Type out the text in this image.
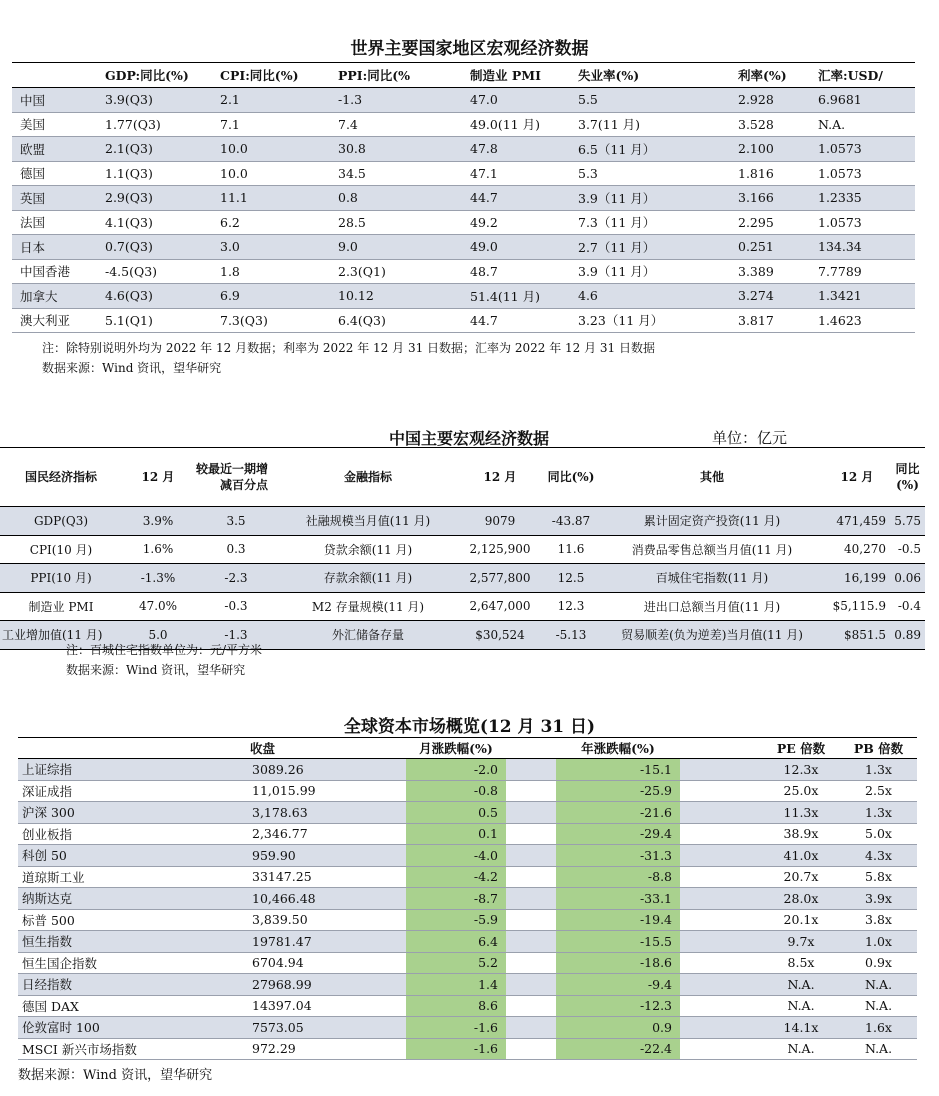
世界主要国家地区宏观经济数据
	GDP:同比(%)	CPI:同比(%)	PPI:同比(%	制造业 PMI	失业率(%)	利率(%)	汇率:USD/
中国	3.9(Q3)	2.1	-1.3	47.0	5.5	2.928	6.9681
美国	1.77(Q3)	7.1	7.4	49.0(11 月)	3.7(11 月)	3.528	N.A.
欧盟	2.1(Q3)	10.0	30.8	47.8	6.5（11 月）	2.100	1.0573
德国	1.1(Q3)	10.0	34.5	47.1	5.3	1.816	1.0573
英国	2.9(Q3)	11.1	0.8	44.7	3.9（11 月）	3.166	1.2335
法国	4.1(Q3)	6.2	28.5	49.2	7.3（11 月）	2.295	1.0573
日本	0.7(Q3)	3.0	9.0	49.0	2.7（11 月）	0.251	134.34
中国香港	-4.5(Q3)	1.8	2.3(Q1)	48.7	3.9（11 月）	3.389	7.7789
加拿大	4.6(Q3)	6.9	10.12	51.4(11 月)	4.6	3.274	1.3421
澳大利亚	5.1(Q1)	7.3(Q3)	6.4(Q3)	44.7	3.23（11 月）	3.817	1.4623
注：除特别说明外均为 2022 年 12 月数据；利率为 2022 年 12 月 31 日数据；汇率为 2022 年 12 月 31 日数据
数据来源：Wind 资讯，望华研究
中国主要宏观经济数据	单位：亿元
国民经济指标	12 月	较最近一期增减百分点	金融指标	12 月	同比(%)	其他	12 月	同比(%)
GDP(Q3)	3.9%	3.5	社融规模当月值(11 月)	9079	-43.87	累计固定资产投资(11 月)	471,459	5.75
CPI(10 月)	1.6%	0.3	贷款余额(11 月)	2,125,900	11.6	消费品零售总额当月值(11 月)	40,270	-0.5
PPI(10 月)	-1.3%	-2.3	存款余额(11 月)	2,577,800	12.5	百城住宅指数(11 月)	16,199	0.06
制造业 PMI	47.0%	-0.3	M2 存量规模(11 月)	2,647,000	12.3	进出口总额当月值(11 月)	$5,115.9	-0.4
工业增加值(11 月)	5.0	-1.3	外汇储备存量	$30,524	-5.13	贸易顺差(负为逆差)当月值(11 月)	$851.5	0.89
注：百城住宅指数单位为：元/平方米
数据来源：Wind 资讯，望华研究
全球资本市场概览(12 月 31 日)
	收盘	月涨跌幅(%)		年涨跌幅(%)		PE 倍数	PB 倍数
上证综指	3089.26	-2.0		-15.1		12.3x	1.3x
深证成指	11,015.99	-0.8		-25.9		25.0x	2.5x
沪深 300	3,178.63	0.5		-21.6		11.3x	1.3x
创业板指	2,346.77	0.1		-29.4		38.9x	5.0x
科创 50	959.90	-4.0		-31.3		41.0x	4.3x
道琼斯工业	33147.25	-4.2		-8.8		20.7x	5.8x
纳斯达克	10,466.48	-8.7		-33.1		28.0x	3.9x
标普 500	3,839.50	-5.9		-19.4		20.1x	3.8x
恒生指数	19781.47	6.4		-15.5		9.7x	1.0x
恒生国企指数	6704.94	5.2		-18.6		8.5x	0.9x
日经指数	27968.99	1.4		-9.4		N.A.	N.A.
德国 DAX	14397.04	8.6		-12.3		N.A.	N.A.
伦敦富时 100	7573.05	-1.6		0.9		14.1x	1.6x
MSCI 新兴市场指数	972.29	-1.6		-22.4		N.A.	N.A.
数据来源：Wind 资讯，望华研究
